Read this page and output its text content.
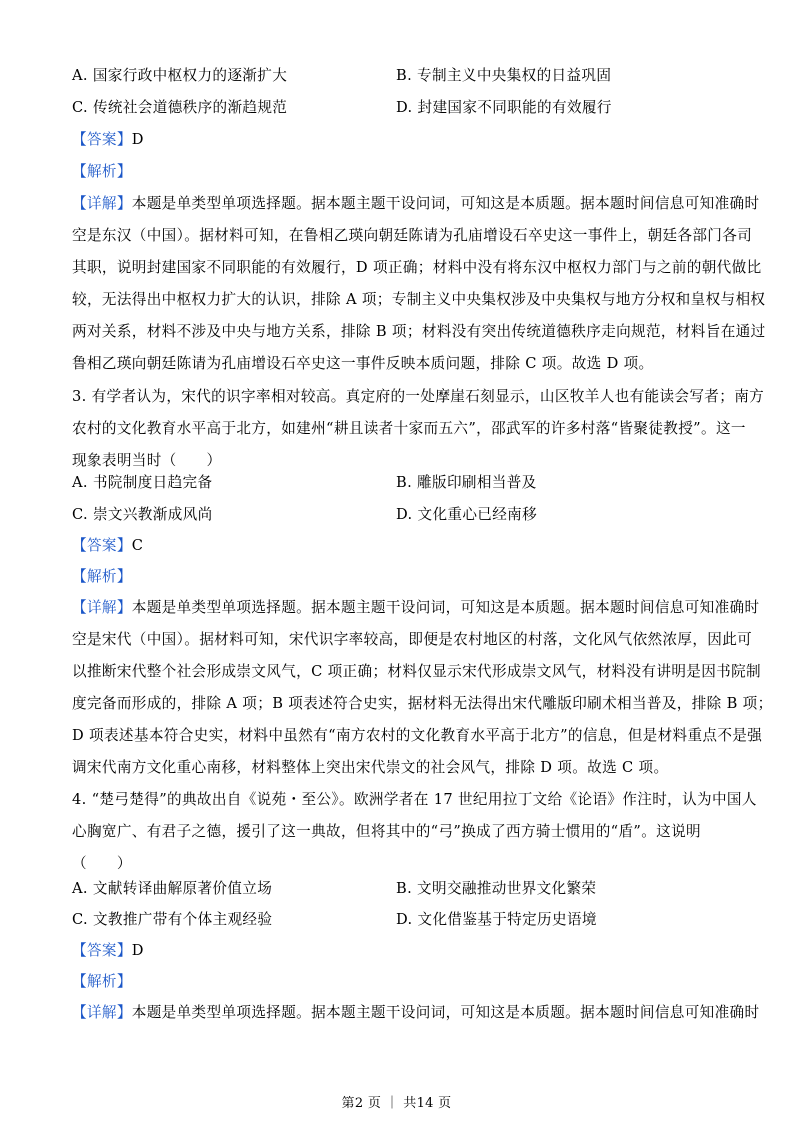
A. 国家行政中枢权力的逐渐扩大	B. 专制主义中央集权的日益巩固
C. 传统社会道德秩序的渐趋规范	D. 封建国家不同职能的有效履行
【答案】D
【解析】
【详解】本题是单类型单项选择题。据本题主题干设问词，可知这是本质题。据本题时间信息可知准确时
空是东汉（中国）。据材料可知，在鲁相乙瑛向朝廷陈请为孔庙增设石卒史这一事件上，朝廷各部门各司
其职，说明封建国家不同职能的有效履行，D 项正确；材料中没有将东汉中枢权力部门与之前的朝代做比
较，无法得出中枢权力扩大的认识，排除 A 项；专制主义中央集权涉及中央集权与地方分权和皇权与相权
两对关系，材料不涉及中央与地方关系，排除 B 项；材料没有突出传统道德秩序走向规范，材料旨在通过
鲁相乙瑛向朝廷陈请为孔庙增设石卒史这一事件反映本质问题，排除 C 项。故选 D 项。
3. 有学者认为，宋代的识字率相对较高。真定府的一处摩崖石刻显示，山区牧羊人也有能读会写者；南方
农村的文化教育水平高于北方，如建州“耕且读者十家而五六”，邵武军的许多村落“皆聚徒教授”。这一
现象表明当时（　　）
A. 书院制度日趋完备	B. 雕版印刷相当普及
C. 崇文兴教渐成风尚	D. 文化重心已经南移
【答案】C
【解析】
【详解】本题是单类型单项选择题。据本题主题干设问词，可知这是本质题。据本题时间信息可知准确时
空是宋代（中国）。据材料可知，宋代识字率较高，即便是农村地区的村落，文化风气依然浓厚，因此可
以推断宋代整个社会形成崇文风气，C 项正确；材料仅显示宋代形成崇文风气，材料没有讲明是因书院制
度完备而形成的，排除 A 项；B 项表述符合史实，据材料无法得出宋代雕版印刷术相当普及，排除 B 项；
D 项表述基本符合史实，材料中虽然有“南方农村的文化教育水平高于北方”的信息，但是材料重点不是强
调宋代南方文化重心南移，材料整体上突出宋代崇文的社会风气，排除 D 项。故选 C 项。
4. “楚弓楚得”的典故出自《说苑・至公》。欧洲学者在 17 世纪用拉丁文给《论语》作注时，认为中国人
心胸宽广、有君子之德，援引了这一典故，但将其中的“弓”换成了西方骑士惯用的“盾”。这说明
（　　）
A. 文献转译曲解原著价值立场	B. 文明交融推动世界文化繁荣
C. 文教推广带有个体主观经验	D. 文化借鉴基于特定历史语境
【答案】D
【解析】
【详解】本题是单类型单项选择题。据本题主题干设问词，可知这是本质题。据本题时间信息可知准确时
第2 页 ｜ 共14 页
